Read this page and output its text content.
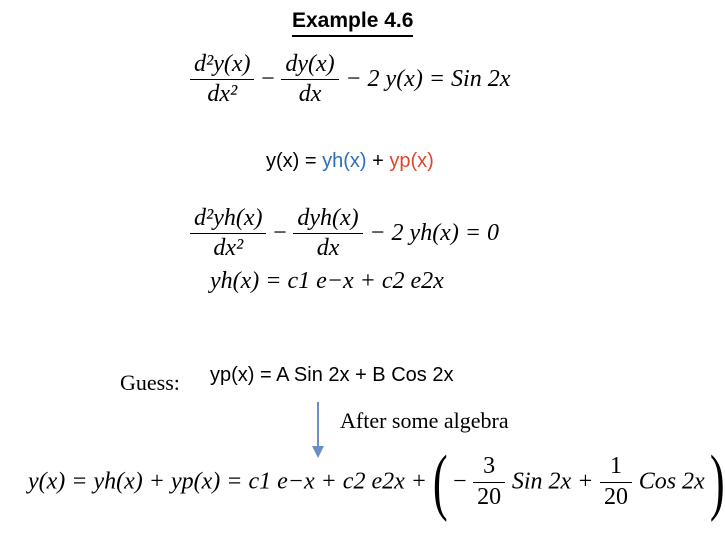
Example 4.6
$\frac{\text{d²y(x)}}{\text{dx²}} - \frac{dy(x)}{dx} - 2$ y(x) = Sin 2x
y(x) = yh(x) + yp(x)
$\frac{\text{d²yh(x)}}{\text{dx²}} - \frac{\text{dyh(x)}}{dx} - 2$ yh(x) = 0
yh(x) = c1 e−x + c2 e2x
Guess: yp(x) = A Sin 2x + B Cos 2x
After some algebra
y(x) = yh(x) + yp(x) = c1 e−x + c2 e2x + ( − $\frac{3}{20}$ Sin $2x + \frac{1}{20}$ Cos 2x )
